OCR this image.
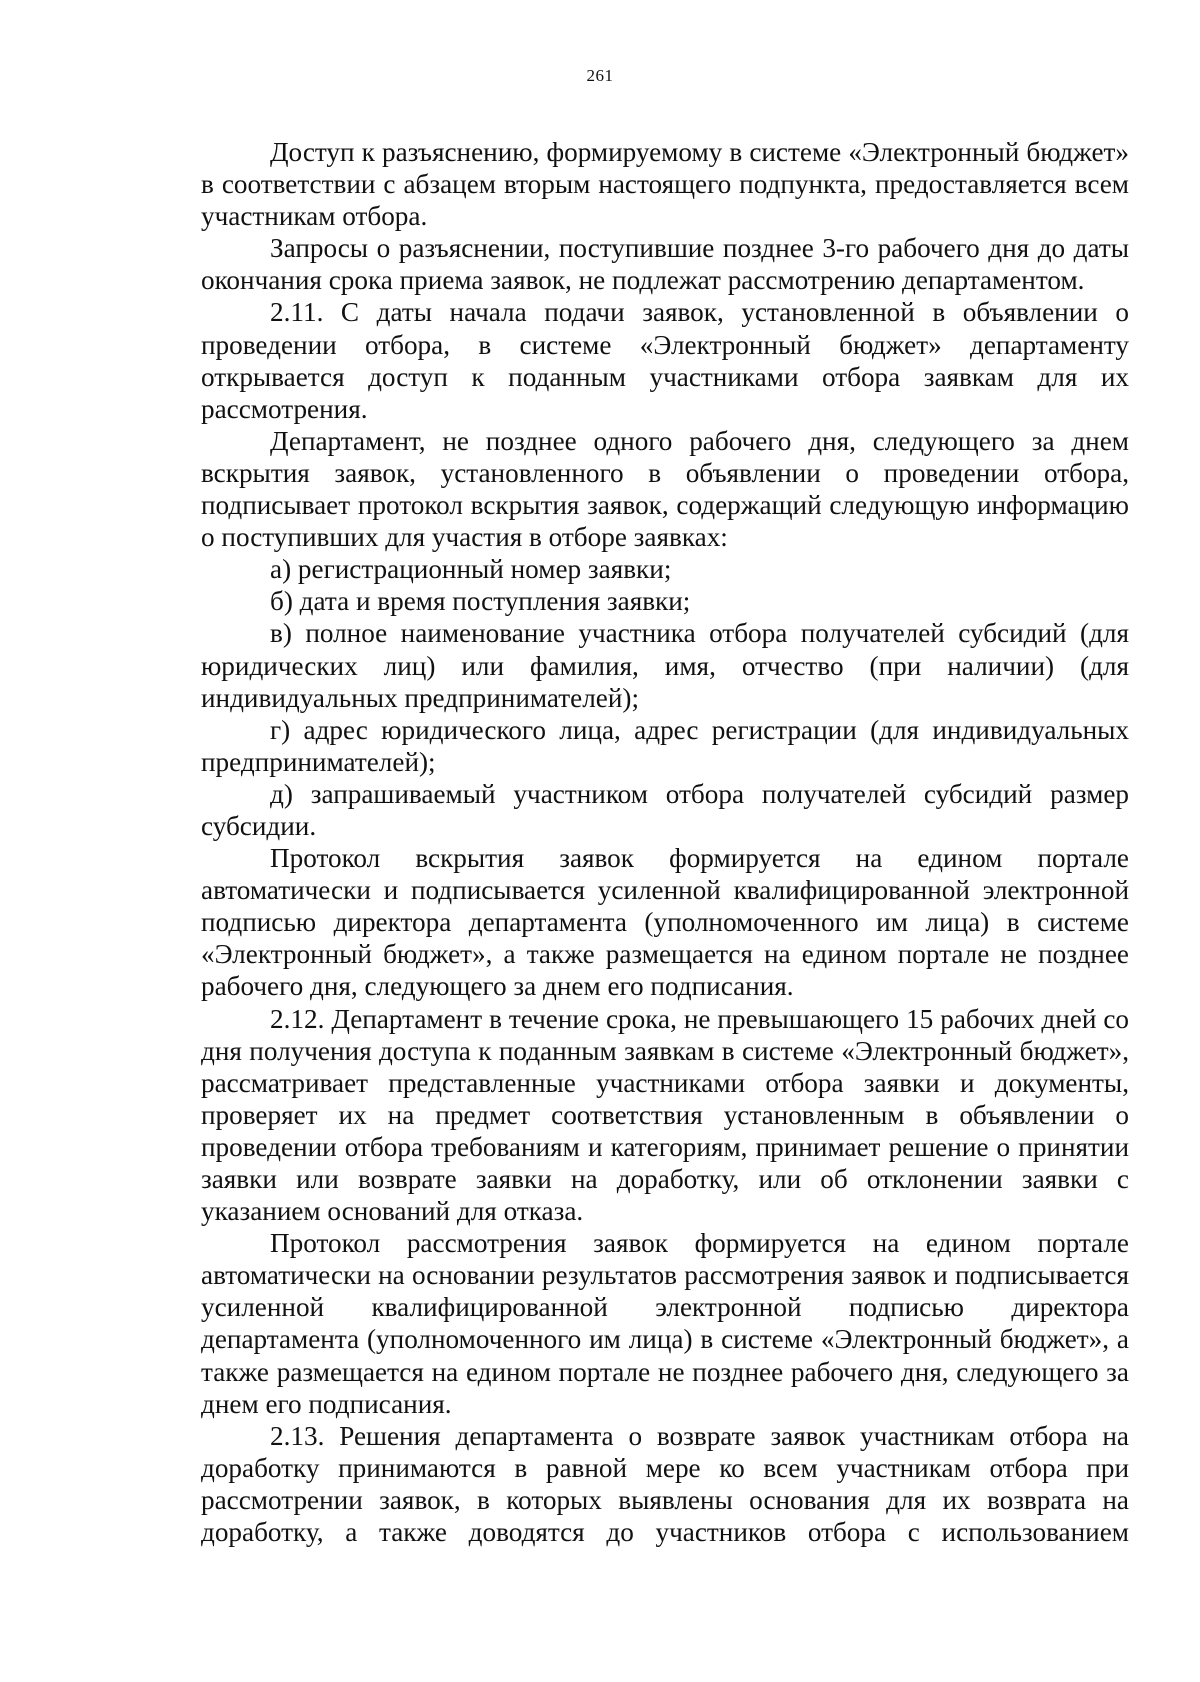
261

Доступ к разъяснению, формируемому в системе «Электронный бюджет» в соответствии с абзацем вторым настоящего подпункта, предоставляется всем участникам отбора.

Запросы о разъяснении, поступившие позднее 3-го рабочего дня до даты окончания срока приема заявок, не подлежат рассмотрению департаментом.

2.11. С даты начала подачи заявок, установленной в объявлении о проведении отбора, в системе «Электронный бюджет» департаменту открывается доступ к поданным участниками отбора заявкам для их рассмотрения.

Департамент, не позднее одного рабочего дня, следующего за днем вскрытия заявок, установленного в объявлении о проведении отбора, подписывает протокол вскрытия заявок, содержащий следующую информацию о поступивших для участия в отборе заявках:

а) регистрационный номер заявки;

б) дата и время поступления заявки;

в) полное наименование участника отбора получателей субсидий (для юридических лиц) или фамилия, имя, отчество (при наличии) (для индивидуальных предпринимателей);

г) адрес юридического лица, адрес регистрации (для индивидуальных предпринимателей);

д) запрашиваемый участником отбора получателей субсидий размер субсидии.

Протокол вскрытия заявок формируется на едином портале автоматически и подписывается усиленной квалифицированной электронной подписью директора департамента (уполномоченного им лица) в системе «Электронный бюджет», а также размещается на едином портале не позднее рабочего дня, следующего за днем его подписания.

2.12. Департамент в течение срока, не превышающего 15 рабочих дней со дня получения доступа к поданным заявкам в системе «Электронный бюджет», рассматривает представленные участниками отбора заявки и документы, проверяет их на предмет соответствия установленным в объявлении о проведении отбора требованиям и категориям, принимает решение о принятии заявки или возврате заявки на доработку, или об отклонении заявки с указанием оснований для отказа.

Протокол рассмотрения заявок формируется на едином портале автоматически на основании результатов рассмотрения заявок и подписывается усиленной квалифицированной электронной подписью директора департамента (уполномоченного им лица) в системе «Электронный бюджет», а также размещается на едином портале не позднее рабочего дня, следующего за днем его подписания.

2.13. Решения департамента о возврате заявок участникам отбора на доработку принимаются в равной мере ко всем участникам отбора при рассмотрении заявок, в которых выявлены основания для их возврата на доработку, а также доводятся до участников отбора с использованием
